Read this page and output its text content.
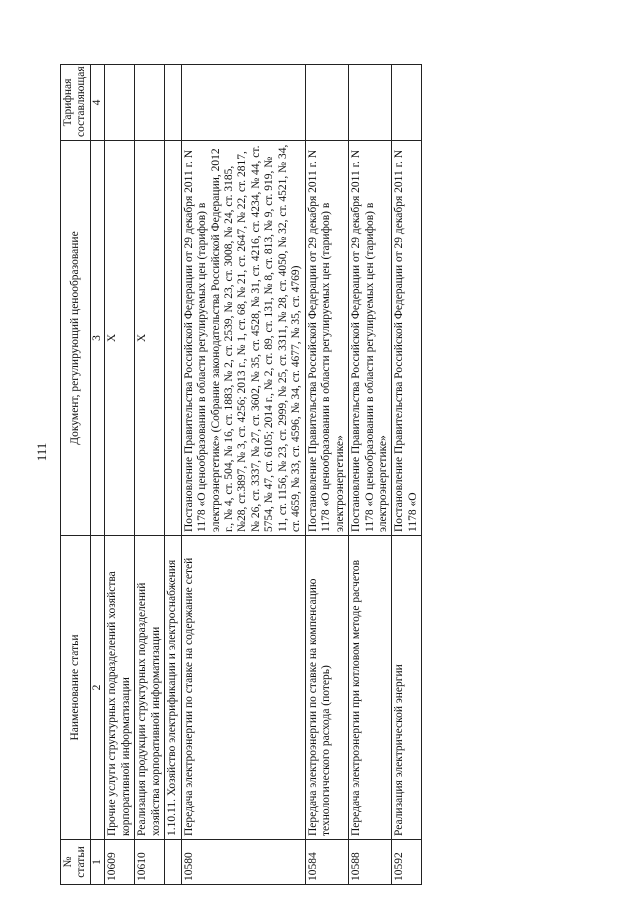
111
№ статьи	Наименование статьи	Документ, регулирующий ценообразование	Тарифная составляющая
1	2	3	4
10609	Прочие услуги структурных подразделений хозяйства корпоративной информатизации	X	
10610	Реализация продукции структурных подразделений хозяйства корпоративной информатизации	X	
	1.10.11. Хозяйство электрификации и электроснабжения		
10580	Передача электроэнергии по ставке на содержание сетей	Постановление Правительства Российской Федерации от 29 декабря 2011 г. N 1178 «О ценообразовании в области регулируемых цен (тарифов) в электроэнергетике» (Собрание законодательства Российской Федерации, 2012 г., № 4, ст. 504, № 16, ст. 1883, № 2, ст. 2539, № 23, ст. 3008, № 24, ст. 3185, №28, ст.3897, № 3, ст. 4256; 2013 г., № 1, ст. 68, № 21, ст. 2647, № 22, ст. 2817, № 26, ст. 3337, № 27, ст. 3602, № 35, ст. 4528, № 31, ст. 4216, ст. 4234, № 44, ст. 5754, № 47, ст. 6105; 2014 г., № 2, ст. 89, ст. 131, № 8, ст. 813, № 9, ст. 919, № 11, ст. 1156, № 23, ст. 2999, № 25, ст. 3311, № 28, ст. 4050, № 32, ст. 4521, № 34, ст. 4659, № 33, ст. 4596, № 34, ст. 4677, № 35, ст. 4769)	
10584	Передача электроэнергии по ставке на компенсацию технологического расхода (потерь)	Постановление Правительства Российской Федерации от 29 декабря 2011 г. N 1178 «О ценообразовании в области регулируемых цен (тарифов) в электроэнергетике»	
10588	Передача электроэнергии при котловом методе расчетов	Постановление Правительства Российской Федерации от 29 декабря 2011 г. N 1178 «О ценообразовании в области регулируемых цен (тарифов) в электроэнергетике»	
10592	Реализация электрической энергии	Постановление Правительства Российской Федерации от 29 декабря 2011 г. N 1178 «О	
